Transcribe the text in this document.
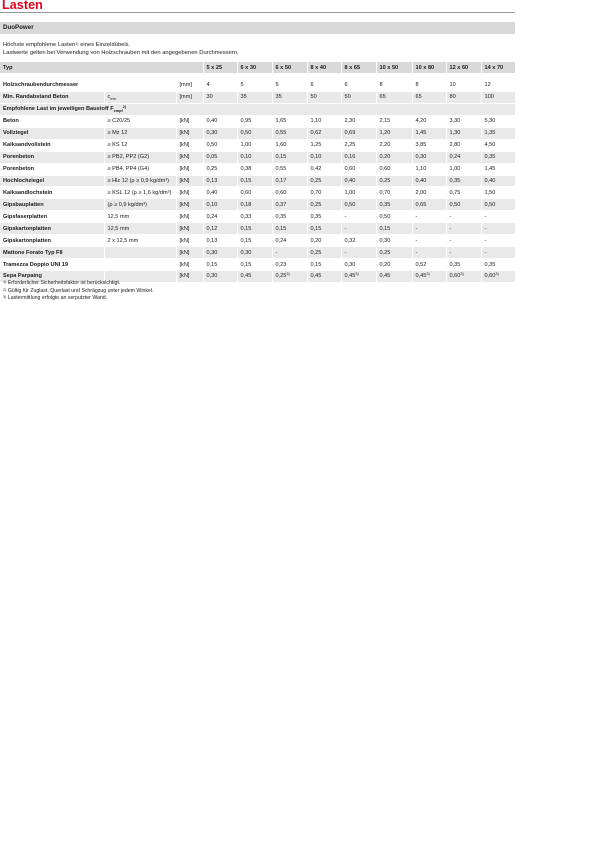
Lasten
DuoPower
Höchste empfohlene Lasten$^{1)}$ eines Einzeldübels.
Lastwerte gelten bei Verwendung von Holzschrauben mit den angegebenen Durchmessern.
Typ			5 x 25	6 x 30	6 x 50	8 x 40	8 x 65	10 x 50	10 x 80	12 x 60	14 x 70

Holzschraubendurchmesser		[mm]	4	5	5	6	6	8	8	10	12
Min. Randabstand Beton	$c_{min}$	[mm]	30	35	35	50	50	65	65	80	100
Empfohlene Last im jeweiligen Baustoff $F_{empf}^{2)}$
Beton	≥ C20/25	[kN]	0,40	0,95	1,65	1,10	2,30	2,15	4,20	3,30	5,30
Vollziegel	≥ Mz 12	[kN]	0,30	0,50	0,55	0,62	0,69	1,20	1,45	1,30	1,35
Kalksandvollstein	≥ KS 12	[kN]	0,50	1,00	1,60	1,25	2,25	2,20	3,85	2,80	4,50
Porenbeton	≥ PB2, PP2 (G2)	[kN]	0,05	0,10	0,15	0,10	0,16	0,20	0,30	0,24	0,35
Porenbeton	≥ PB4, PP4 (G4)	[kN]	0,25	0,38	0,55	0,42	0,60	0,60	1,10	1,00	1,45
Hochlochziegel	≥ Hlz 12 (ρ ≥ 0,9 kg/dm³)	[kN]	0,13	0,15	0,17	0,25	0,40	0,25	0,40	0,35	0,40
Kalksandlochstein	≥ KSL 12 (ρ ≥ 1,6 kg/dm³)	[kN]	0,40	0,60	0,60	0,70	1,00	0,70	2,00	0,75	1,50
Gipsbauplatten	(ρ ≥ 0,9 kg/dm³)	[kN]	0,10	0,18	0,37	0,25	0,50	0,35	0,65	0,50	0,50
Gipsfaserplatten	12,5 mm	[kN]	0,24	0,33	0,35	0,35	-	0,50	-	-	-
Gipskartonplatten	12,5 mm	[kN]	0,12	0,15	0,15	0,15	-	0,15	-	-	-
Gipskartonplatten	2 x 12,5 mm	[kN]	0,13	0,15	0,24	0,20	0,32	0,30	-	-	-
Mattone Forato Typ F8		[kN]	0,30	0,30	-	0,25	-	0,25	-	-	-
Tramezza Doppio UNI 19		[kN]	0,15	0,15	0,23	0,15	0,30	0,20	0,52	0,35	0,35
Sepa Parpaing		[kN]	0,30	0,45	0,25$^{3)}$	0,45	0,45$^{3)}$	0,45	0,45$^{3)}$	0,60$^{3)}$	0,60$^{3)}$
$^{1)}$ Erforderlicher Sicherheitsfaktor ist berücksichtigt.
$^{2)}$ Gültig für Zuglast, Querlast und Schrägzug unter jedem Winkel.
$^{3)}$ Lastermittlung erfolgte an verputzter Wand.
